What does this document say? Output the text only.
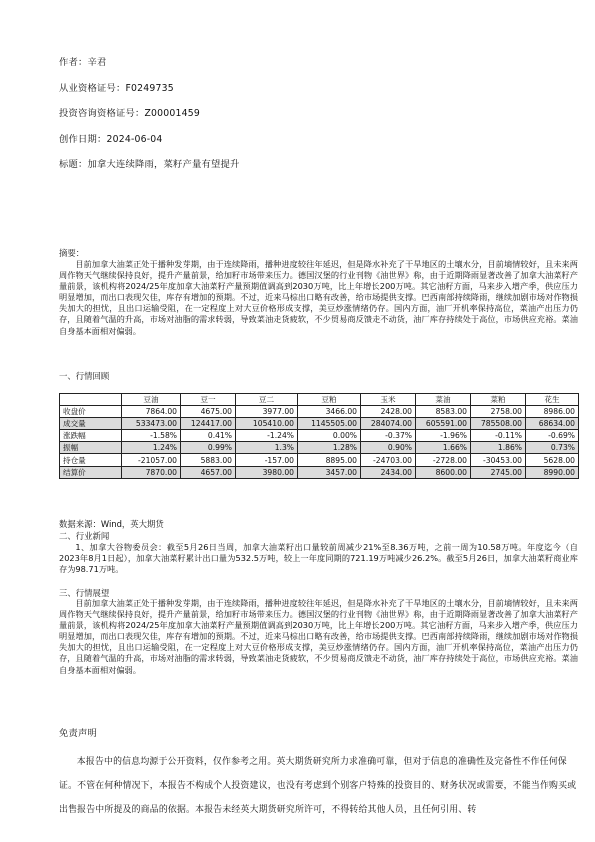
作者：辛君
从业资格证号：F0249735
投资咨询资格证号：Z00001459
创作日期：2024-06-04
标题：加拿大连续降雨，菜籽产量有望提升
摘要：

目前加拿大油菜正处于播种发芽期，由于连续降雨，播种进度较往年延迟，但是降水补充了干旱地区的土壤水分，目前墒情较好，且未来两周作物天气继续保持良好，提升产量前景，给加籽市场带来压力。德国汉堡的行业刊物《油世界》称，由于近期降雨显著改善了加拿大油菜籽产量前景，该机构将2024/25年度加拿大油菜籽产量预期值调高到2030万吨，比上年增长200万吨。其它油籽方面，马来步入增产季，供应压力明显增加，而出口表现欠佳，库存有增加的预期。不过，近来马棕出口略有改善，给市场提供支撑。巴西南部持续降雨，继续加剧市场对作物损失加大的担忧，且出口运输受阻，在一定程度上对大豆价格形成支撑，美豆炒涨情绪仍存。国内方面，油厂开机率保持高位，菜油产出压力仍存，且随着气温的升高，市场对油脂的需求转弱，导致菜油走货疲软，不少贸易商反馈走不动货，油厂库存持续处于高位，市场供应充裕。菜油自身基本面相对偏弱。

一、行情回顾
	豆油	豆一	豆二	豆粕	玉米	菜油	菜粕	花生
收盘价	7864.00	4675.00	3977.00	3466.00	2428.00	8583.00	2758.00	8986.00
成交量	533473.00	124417.00	105410.00	1145505.00	284074.00	605591.00	785508.00	68634.00
涨跌幅	-1.58%	0.41%	-1.24%	0.00%	-0.37%	-1.96%	-0.11%	-0.69%
振幅	1.24%	0.99%	1.3%	1.28%	0.90%	1.66%	1.86%	0.73%
持仓量	-21057.00	5883.00	-157.00	8895.00	-24703.00	-2728.00	-30453.00	5628.00
结算价	7870.00	4657.00	3980.00	3457.00	2434.00	8600.00	2745.00	8990.00
数据来源：Wind，英大期货
二、行业新闻

1、加拿大谷物委员会：截至5月26日当周，加拿大油菜籽出口量较前周减少21%至8.36万吨，之前一周为10.58万吨。年度迄今（自2023年8月1日起），加拿大油菜籽累计出口量为532.5万吨，较上一年度同期的721.19万吨减少26.2%。截至5月26日，加拿大油菜籽商业库存为98.71万吨。

三、行情展望

目前加拿大油菜正处于播种发芽期，由于连续降雨，播种进度较往年延迟，但是降水补充了干旱地区的土壤水分，目前墒情较好，且未来两周作物天气继续保持良好，提升产量前景，给加籽市场带来压力。德国汉堡的行业刊物《油世界》称，由于近期降雨显著改善了加拿大油菜籽产量前景，该机构将2024/25年度加拿大油菜籽产量预期值调高到2030万吨，比上年增长200万吨。其它油籽方面，马来步入增产季，供应压力明显增加，而出口表现欠佳，库存有增加的预期。不过，近来马棕出口略有改善，给市场提供支撑。巴西南部持续降雨，继续加剧市场对作物损失加大的担忧，且出口运输受阻，在一定程度上对大豆价格形成支撑，美豆炒涨情绪仍存。国内方面，油厂开机率保持高位，菜油产出压力仍存，且随着气温的升高，市场对油脂的需求转弱，导致菜油走货疲软，不少贸易商反馈走不动货，油厂库存持续处于高位，市场供应充裕。菜油自身基本面相对偏弱。

免责声明

本报告中的信息均源于公开资料，仅作参考之用。英大期货研究所力求准确可靠，但对于信息的准确性及完备性不作任何保证。不管在何种情况下，本报告不构成个人投资建议，也没有考虑到个别客户特殊的投资目的、财务状况或需要，不能当作购买或出售报告中所提及的商品的依据。本报告未经英大期货研究所许可，不得转给其他人员，且任何引用、转
